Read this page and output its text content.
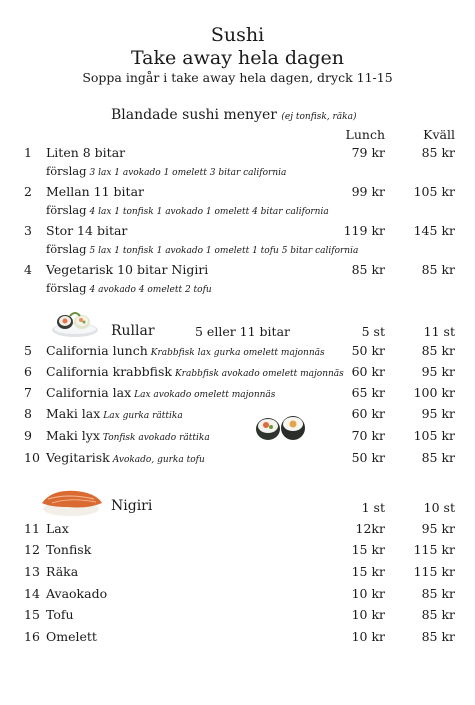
Sushi
Take away hela dagen
Soppa ingår i take away hela dagen, dryck 11-15
Blandade sushi menyer (ej tonfisk, räka)
Lunch	Kväll
1 Liten 8 bitar	79 kr	85 kr
förslag 3 lax 1 avokado 1 omelett 3 bitar california
2 Mellan 11 bitar	99 kr 105 kr
förslag 4 lax 1 tonfisk 1 avokado 1 omelett 4 bitar california
3 Stor 14 bitar	119 kr 145 kr
förslag 5 lax 1 tonfisk 1 avokado 1 omelett 1 tofu 5 bitar california
4 Vegetarisk 10 bitar Nigiri	85 kr	85 kr
förslag 4 avokado 4 omelett 2 tofu
Rullar	5 eller 11 bitar	5 st	11 st
5 California lunch Krabbfisk lax gurka omelett majonnäs 50 kr	85 kr
6 California krabbfisk Krabbfisk avokado omelett majonnäs 60 kr	95 kr
7 California lax Lax avokado omelett majonnäs	65 kr 100 kr
8 Maki lax Lax gurka rättika	60 kr	95 kr
9 Maki lyx Tonfisk avokado rättika	70 kr 105 kr
10 Vegitarisk Avokado, gurka tofu	50 kr	85 kr
Nigiri	1 st	10 st
11 Lax	12kr	95 kr
12 Tonfisk	15 kr 115 kr
13 Räka	15 kr 115 kr
14 Avaokado	10 kr	85 kr
15 Tofu	10 kr	85 kr
16 Omelett	10 kr	85 kr
